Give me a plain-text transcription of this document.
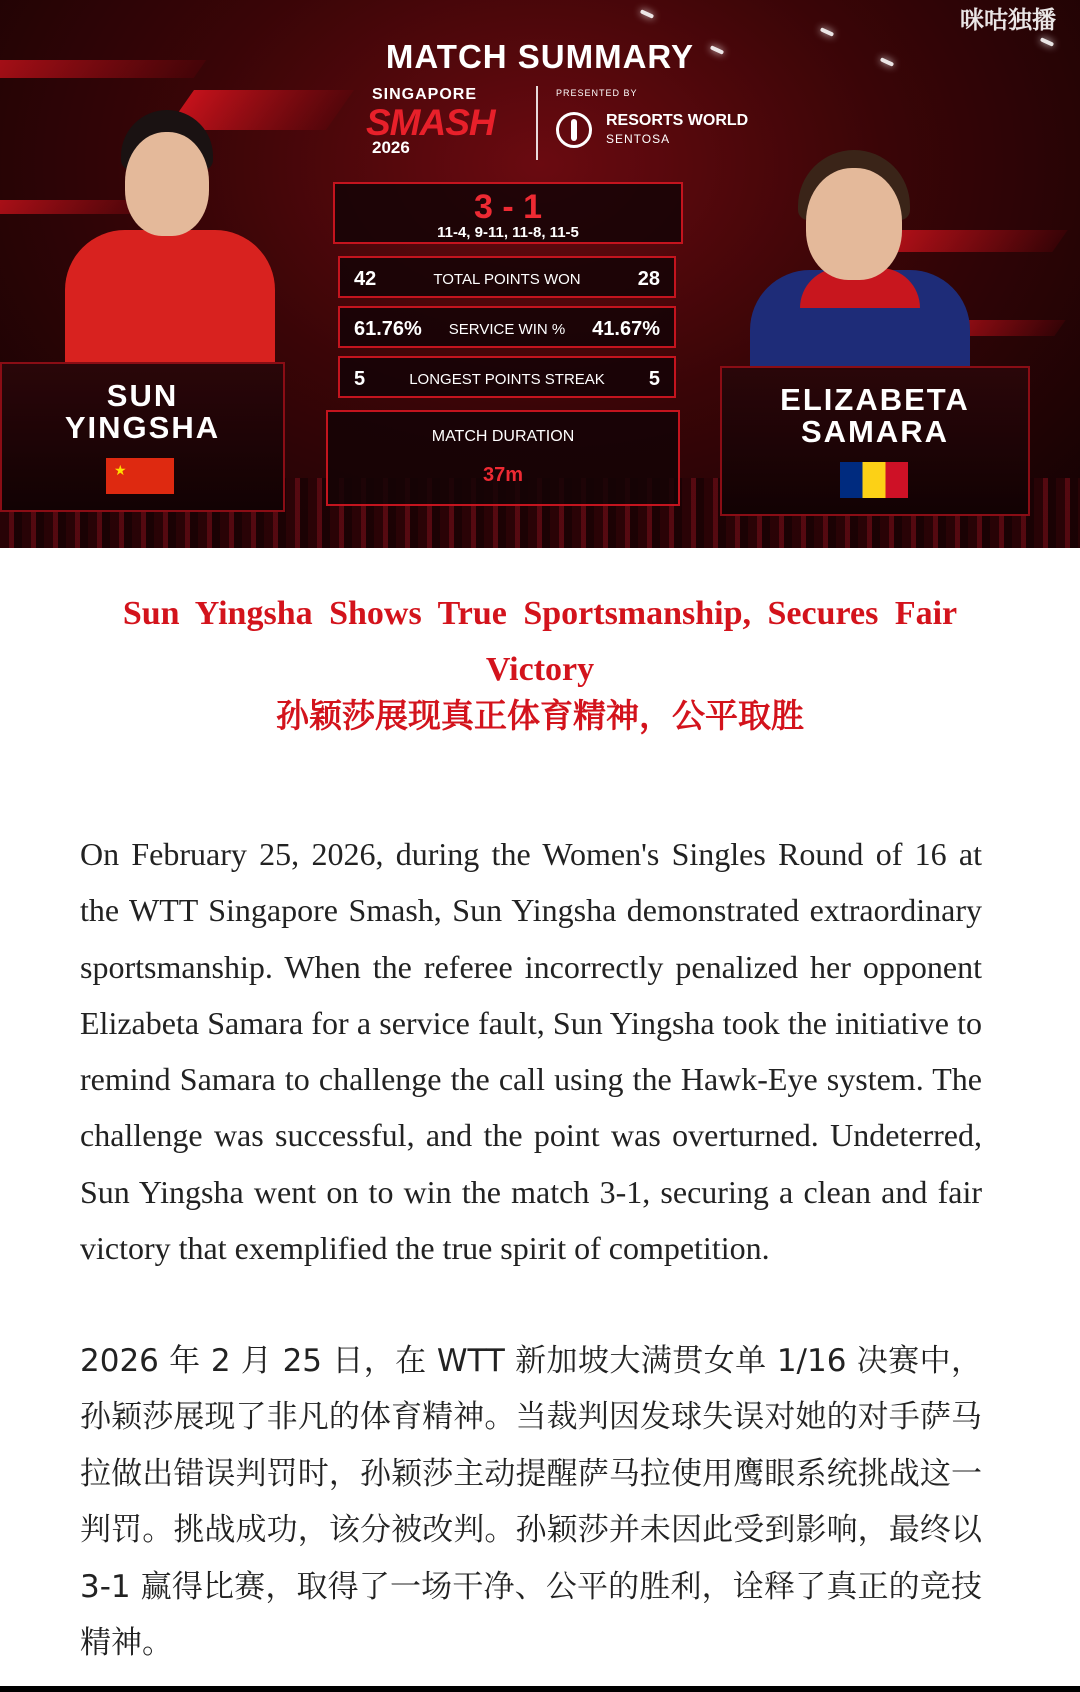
咪咕独播
MATCH SUMMARY
SINGAPORE
SMASH
2026
PRESENTED BY
RESORTS WORLD
SENTOSA
3 - 1
11-4, 9-11, 11-8, 11-5
42	TOTAL POINTS WON	28
61.76%	SERVICE WIN %	41.67%
5	LONGEST POINTS STREAK	5
MATCH DURATION
37m
SUN
YINGSHA
★
ELIZABETA
SAMARA
Sun Yingsha Shows True Sportsmanship, Secures Fair Victory
孙颖莎展现真正体育精神，公平取胜
On February 25, 2026, during the Women's Singles Round of 16 at the WTT Singapore Smash, Sun Yingsha demonstrated extraordinary sportsmanship. When the referee incorrectly penalized her opponent Elizabeta Samara for a service fault, Sun Yingsha took the initiative to remind Samara to challenge the call using the Hawk-Eye system. The challenge was successful, and the point was overturned. Undeterred, Sun Yingsha went on to win the match 3-1, securing a clean and fair victory that exemplified the true spirit of competition.
2026 年 2 月 25 日，在 WTT 新加坡大满贯女单 1/16 决赛中，孙颖莎展现了非凡的体育精神。当裁判因发球失误对她的对手萨马拉做出错误判罚时，孙颖莎主动提醒萨马拉使用鹰眼系统挑战这一判罚。挑战成功，该分被改判。孙颖莎并未因此受到影响，最终以 3-1 赢得比赛，取得了一场干净、公平的胜利，诠释了真正的竞技精神。
